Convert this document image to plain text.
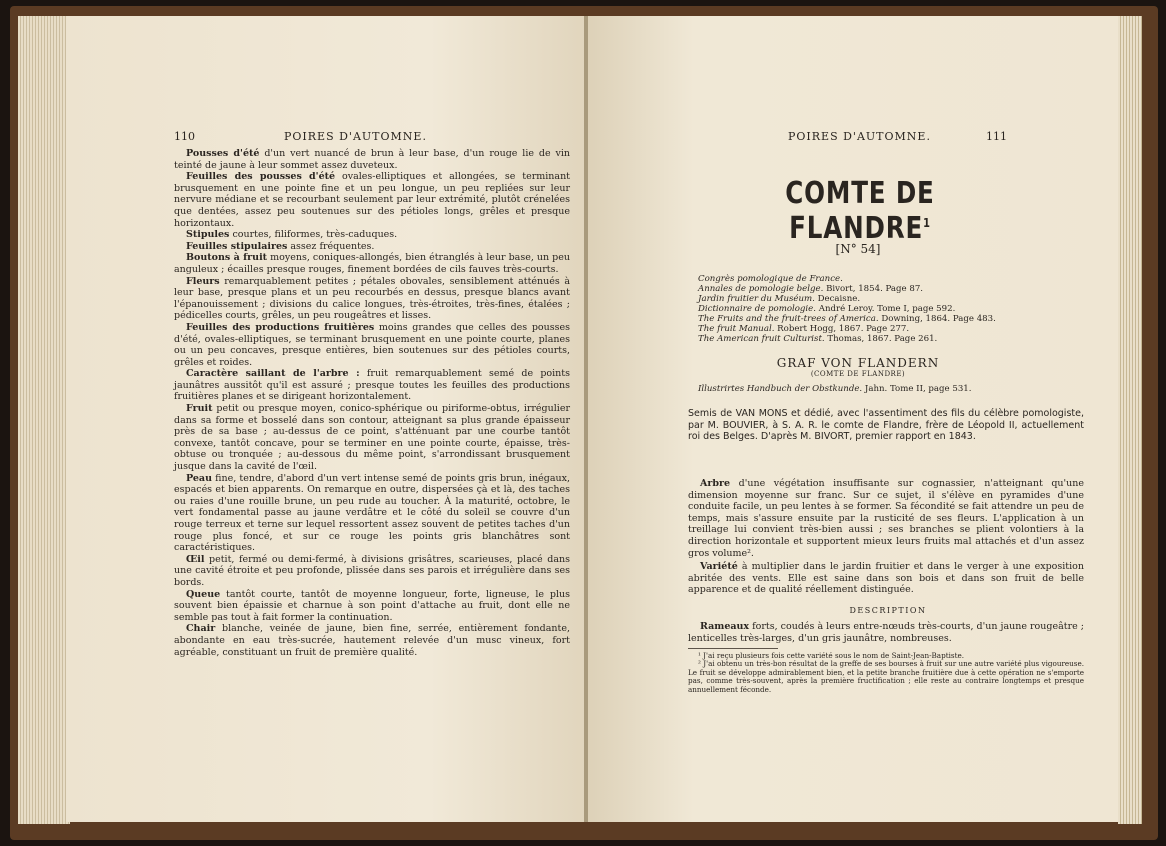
110	POIRES D'AUTOMNE.

Pousses d'été d'un vert nuancé de brun à leur base, d'un rouge lie de vin teinté de jaune à leur sommet assez duveteux.

Feuilles des pousses d'été ovales-elliptiques et allongées, se terminant brusquement en une pointe fine et un peu longue, un peu repliées sur leur nervure médiane et se recourbant seulement par leur extrémité, plutôt crénelées que dentées, assez peu soutenues sur des pétioles longs, grêles et presque horizontaux.

Stipules courtes, filiformes, très-caduques.

Feuilles stipulaires assez fréquentes.

Boutons à fruit moyens, coniques-allongés, bien étranglés à leur base, un peu anguleux ; écailles presque rouges, finement bordées de cils fauves très-courts.

Fleurs remarquablement petites ; pétales obovales, sensiblement atténués à leur base, presque plans et un peu recourbés en dessus, presque blancs avant l'épanouissement ; divisions du calice longues, très-étroites, très-fines, étalées ; pédicelles courts, grêles, un peu rougeâtres et lisses.

Feuilles des productions fruitières moins grandes que celles des pousses d'été, ovales-elliptiques, se terminant brusquement en une pointe courte, planes ou un peu concaves, presque entières, bien soutenues sur des pétioles courts, grêles et roides.

Caractère saillant de l'arbre : fruit remarquablement semé de points jaunâtres aussitôt qu'il est assuré ; presque toutes les feuilles des productions fruitières planes et se dirigeant horizontalement.

Fruit petit ou presque moyen, conico-sphérique ou piriforme-obtus, irrégulier dans sa forme et bosselé dans son contour, atteignant sa plus grande épaisseur près de sa base ; au-dessus de ce point, s'atténuant par une courbe tantôt convexe, tantôt concave, pour se terminer en une pointe courte, épaisse, très-obtuse ou tronquée ; au-dessous du même point, s'arrondissant brusquement jusque dans la cavité de l'œil.

Peau fine, tendre, d'abord d'un vert intense semé de points gris brun, inégaux, espacés et bien apparents. On remarque en outre, dispersées çà et là, des taches ou raies d'une rouille brune, un peu rude au toucher. À la maturité, octobre, le vert fondamental passe au jaune verdâtre et le côté du soleil se couvre d'un rouge terreux et terne sur lequel ressortent assez souvent de petites taches d'un rouge plus foncé, et sur ce rouge les points gris blanchâtres sont caractéristiques.

Œil petit, fermé ou demi-fermé, à divisions grisâtres, scarieuses, placé dans une cavité étroite et peu profonde, plissée dans ses parois et irrégulière dans ses bords.

Queue tantôt courte, tantôt de moyenne longueur, forte, ligneuse, le plus souvent bien épaissie et charnue à son point d'attache au fruit, dont elle ne semble pas tout à fait former la continuation.

Chair blanche, veinée de jaune, bien fine, serrée, entièrement fondante, abondante en eau très-sucrée, hautement relevée d'un musc vineux, fort agréable, constituant un fruit de première qualité.

POIRES D'AUTOMNE.	111
COMTE DE FLANDRE$^1$
[N° 54]
Congrès pomologique de France.
Annales de pomologie belge. Bivort, 1854. Page 87.
Jardin fruitier du Muséum. Decaisne.
Dictionnaire de pomologie. André Leroy. Tome I, page 592.
The Fruits and the fruit-trees of America. Downing, 1864. Page 483.
The fruit Manual. Robert Hogg, 1867. Page 277.
The American fruit Culturist. Thomas, 1867. Page 261.
GRAF VON FLANDERN
(COMTE DE FLANDRE)
Illustrirtes Handbuch der Obstkunde. Jahn. Tome II, page 531.

Semis de VAN MONS et dédié, avec l'assentiment des fils du célèbre pomologiste, par M. BOUVIER, à S. A. R. le comte de Flandre, frère de Léopold II, actuellement roi des Belges. D'après M. BIVORT, premier rapport en 1843.

Arbre d'une végétation insuffisante sur cognassier, n'atteignant qu'une dimension moyenne sur franc. Sur ce sujet, il s'élève en pyramides d'une conduite facile, un peu lentes à se former. Sa fécondité se fait attendre un peu de temps, mais s'assure ensuite par la rusticité de ses fleurs. L'application à un treillage lui convient très-bien aussi ; ses branches se plient volontiers à la direction horizontale et supportent mieux leurs fruits mal attachés et d'un assez gros volume².

Variété à multiplier dans le jardin fruitier et dans le verger à une exposition abritée des vents. Elle est saine dans son bois et dans son fruit de belle apparence et de qualité réellement distinguée.

DESCRIPTION
Rameaux forts, coudés à leurs entre-nœuds très-courts, d'un jaune rougeâtre ; lenticelles très-larges, d'un gris jaunâtre, nombreuses.

¹ J'ai reçu plusieurs fois cette variété sous le nom de Saint-Jean-Baptiste.

² J'ai obtenu un très-bon résultat de la greffe de ses bourses à fruit sur une autre variété plus vigoureuse. Le fruit se développe admirablement bien, et la petite branche fruitière due à cette opération ne s'emporte pas, comme très-souvent, après la première fructification ; elle reste au contraire longtemps et presque annuellement féconde.
